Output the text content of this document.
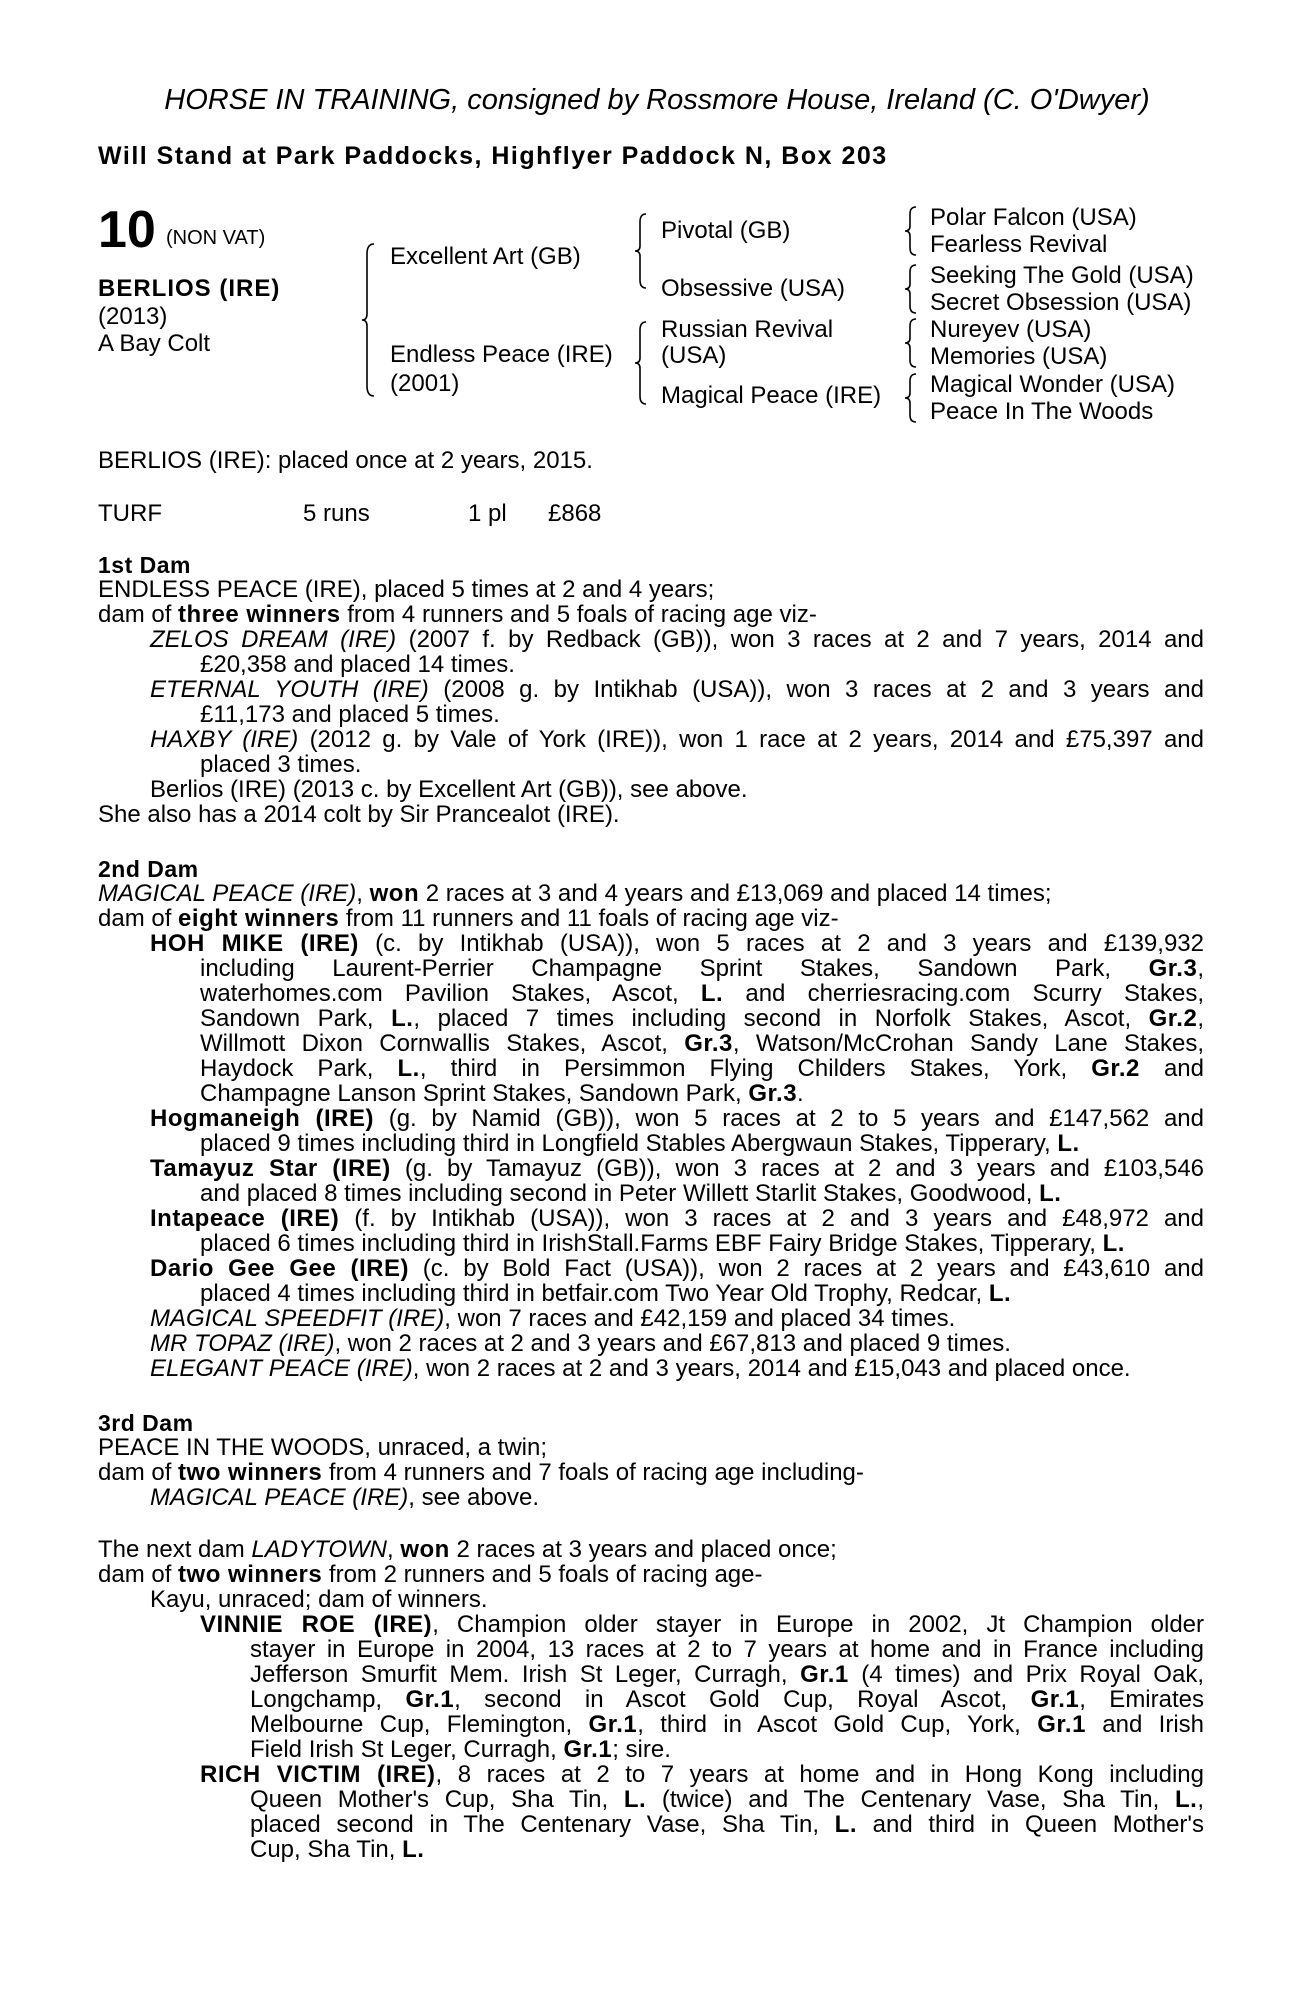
HORSE IN TRAINING, consigned by Rossmore House, Ireland (C. O'Dwyer)
Will Stand at Park Paddocks, Highflyer Paddock N, Box 203
10 (NON VAT)
BERLIOS (IRE)
(2013)
A Bay Colt
Excellent Art (GB)
Endless Peace (IRE)
(2001)
Pivotal (GB)
Obsessive (USA)
Russian Revival
(USA)
Magical Peace (IRE)
Polar Falcon (USA)
Fearless Revival
Seeking The Gold (USA)
Secret Obsession (USA)
Nureyev (USA)
Memories (USA)
Magical Wonder (USA)
Peace In The Woods
BERLIOS (IRE): placed once at 2 years, 2015.
TURF	5 runs	1 pl £868
1st Dam
ENDLESS PEACE (IRE), placed 5 times at 2 and 4 years;
dam of three winners from 4 runners and 5 foals of racing age viz-
ZELOS DREAM (IRE) (2007 f. by Redback (GB)), won 3 races at 2 and 7 years, 2014 and
£20,358 and placed 14 times.
ETERNAL YOUTH (IRE) (2008 g. by Intikhab (USA)), won 3 races at 2 and 3 years and
£11,173 and placed 5 times.
HAXBY (IRE) (2012 g. by Vale of York (IRE)), won 1 race at 2 years, 2014 and £75,397 and
placed 3 times.
Berlios (IRE) (2013 c. by Excellent Art (GB)), see above.
She also has a 2014 colt by Sir Prancealot (IRE).
2nd Dam
MAGICAL PEACE (IRE), won 2 races at 3 and 4 years and £13,069 and placed 14 times;
dam of eight winners from 11 runners and 11 foals of racing age viz-
HOH MIKE (IRE) (c. by Intikhab (USA)), won 5 races at 2 and 3 years and £139,932
including Laurent-Perrier Champagne Sprint Stakes, Sandown Park, Gr.3,
waterhomes.com Pavilion Stakes, Ascot, L. and cherriesracing.com Scurry Stakes,
Sandown Park, L., placed 7 times including second in Norfolk Stakes, Ascot, Gr.2,
Willmott Dixon Cornwallis Stakes, Ascot, Gr.3, Watson/McCrohan Sandy Lane Stakes,
Haydock Park, L., third in Persimmon Flying Childers Stakes, York, Gr.2 and
Champagne Lanson Sprint Stakes, Sandown Park, Gr.3.
Hogmaneigh (IRE) (g. by Namid (GB)), won 5 races at 2 to 5 years and £147,562 and
placed 9 times including third in Longfield Stables Abergwaun Stakes, Tipperary, L.
Tamayuz Star (IRE) (g. by Tamayuz (GB)), won 3 races at 2 and 3 years and £103,546
and placed 8 times including second in Peter Willett Starlit Stakes, Goodwood, L.
Intapeace (IRE) (f. by Intikhab (USA)), won 3 races at 2 and 3 years and £48,972 and
placed 6 times including third in IrishStall.Farms EBF Fairy Bridge Stakes, Tipperary, L.
Dario Gee Gee (IRE) (c. by Bold Fact (USA)), won 2 races at 2 years and £43,610 and
placed 4 times including third in betfair.com Two Year Old Trophy, Redcar, L.
MAGICAL SPEEDFIT (IRE), won 7 races and £42,159 and placed 34 times.
MR TOPAZ (IRE), won 2 races at 2 and 3 years and £67,813 and placed 9 times.
ELEGANT PEACE (IRE), won 2 races at 2 and 3 years, 2014 and £15,043 and placed once.
3rd Dam
PEACE IN THE WOODS, unraced, a twin;
dam of two winners from 4 runners and 7 foals of racing age including-
MAGICAL PEACE (IRE), see above.
The next dam LADYTOWN, won 2 races at 3 years and placed once;
dam of two winners from 2 runners and 5 foals of racing age-
Kayu, unraced; dam of winners.
VINNIE ROE (IRE), Champion older stayer in Europe in 2002, Jt Champion older
stayer in Europe in 2004, 13 races at 2 to 7 years at home and in France including
Jefferson Smurfit Mem. Irish St Leger, Curragh, Gr.1 (4 times) and Prix Royal Oak,
Longchamp, Gr.1, second in Ascot Gold Cup, Royal Ascot, Gr.1, Emirates
Melbourne Cup, Flemington, Gr.1, third in Ascot Gold Cup, York, Gr.1 and Irish
Field Irish St Leger, Curragh, Gr.1; sire.
RICH VICTIM (IRE), 8 races at 2 to 7 years at home and in Hong Kong including
Queen Mother's Cup, Sha Tin, L. (twice) and The Centenary Vase, Sha Tin, L.,
placed second in The Centenary Vase, Sha Tin, L. and third in Queen Mother's
Cup, Sha Tin, L.
